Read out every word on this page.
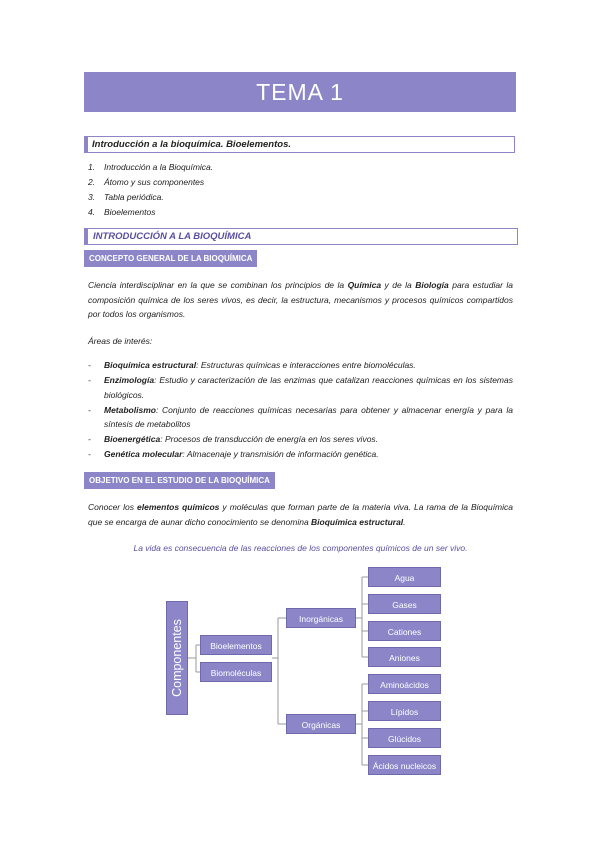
TEMA 1
Introducción a la bioquímica. Bioelementos.
1. Introducción a la Bioquímica.
2. Átomo y sus componentes
3. Tabla periódica.
4. Bioelementos
INTRODUCCIÓN A LA BIOQUÍMICA
CONCEPTO GENERAL DE LA BIOQUÍMICA

Ciencia interdisciplinar en la que se combinan los principios de la Química y de la Biología para estudiar la composición química de los seres vivos, es decir, la estructura, mecanismos y procesos químicos compartidos por todos los organismos.

Áreas de interés:

- Bioquímica estructural: Estructuras químicas e interacciones entre biomoléculas.
- Enzimología: Estudio y caracterización de las enzimas que catalizan reacciones químicas en los sistemas biológicos.
- Metabolismo: Conjunto de reacciones químicas necesarias para obtener y almacenar energía y para la síntesis de metabolitos
- Bioenergética: Procesos de transducción de energía en los seres vivos.
- Genética molecular: Almacenaje y transmisión de información genética.
OBJETIVO EN EL ESTUDIO DE LA BIOQUÍMICA

Conocer los elementos químicos y moléculas que forman parte de la materia viva. La rama de la Bioquímica que se encarga de aunar dicho conocimiento se denomina Bioquímica estructural.

La vida es consecuencia de las reacciones de los componentes químicos de un ser vivo.
Componentes	Bioelementos
Biomoléculas
Inorgánicas
Orgánicas
Agua
Gases
Cationes
Aniones
Aminoácidos
Lípidos
Glúcidos
Ácidos nucleicos
